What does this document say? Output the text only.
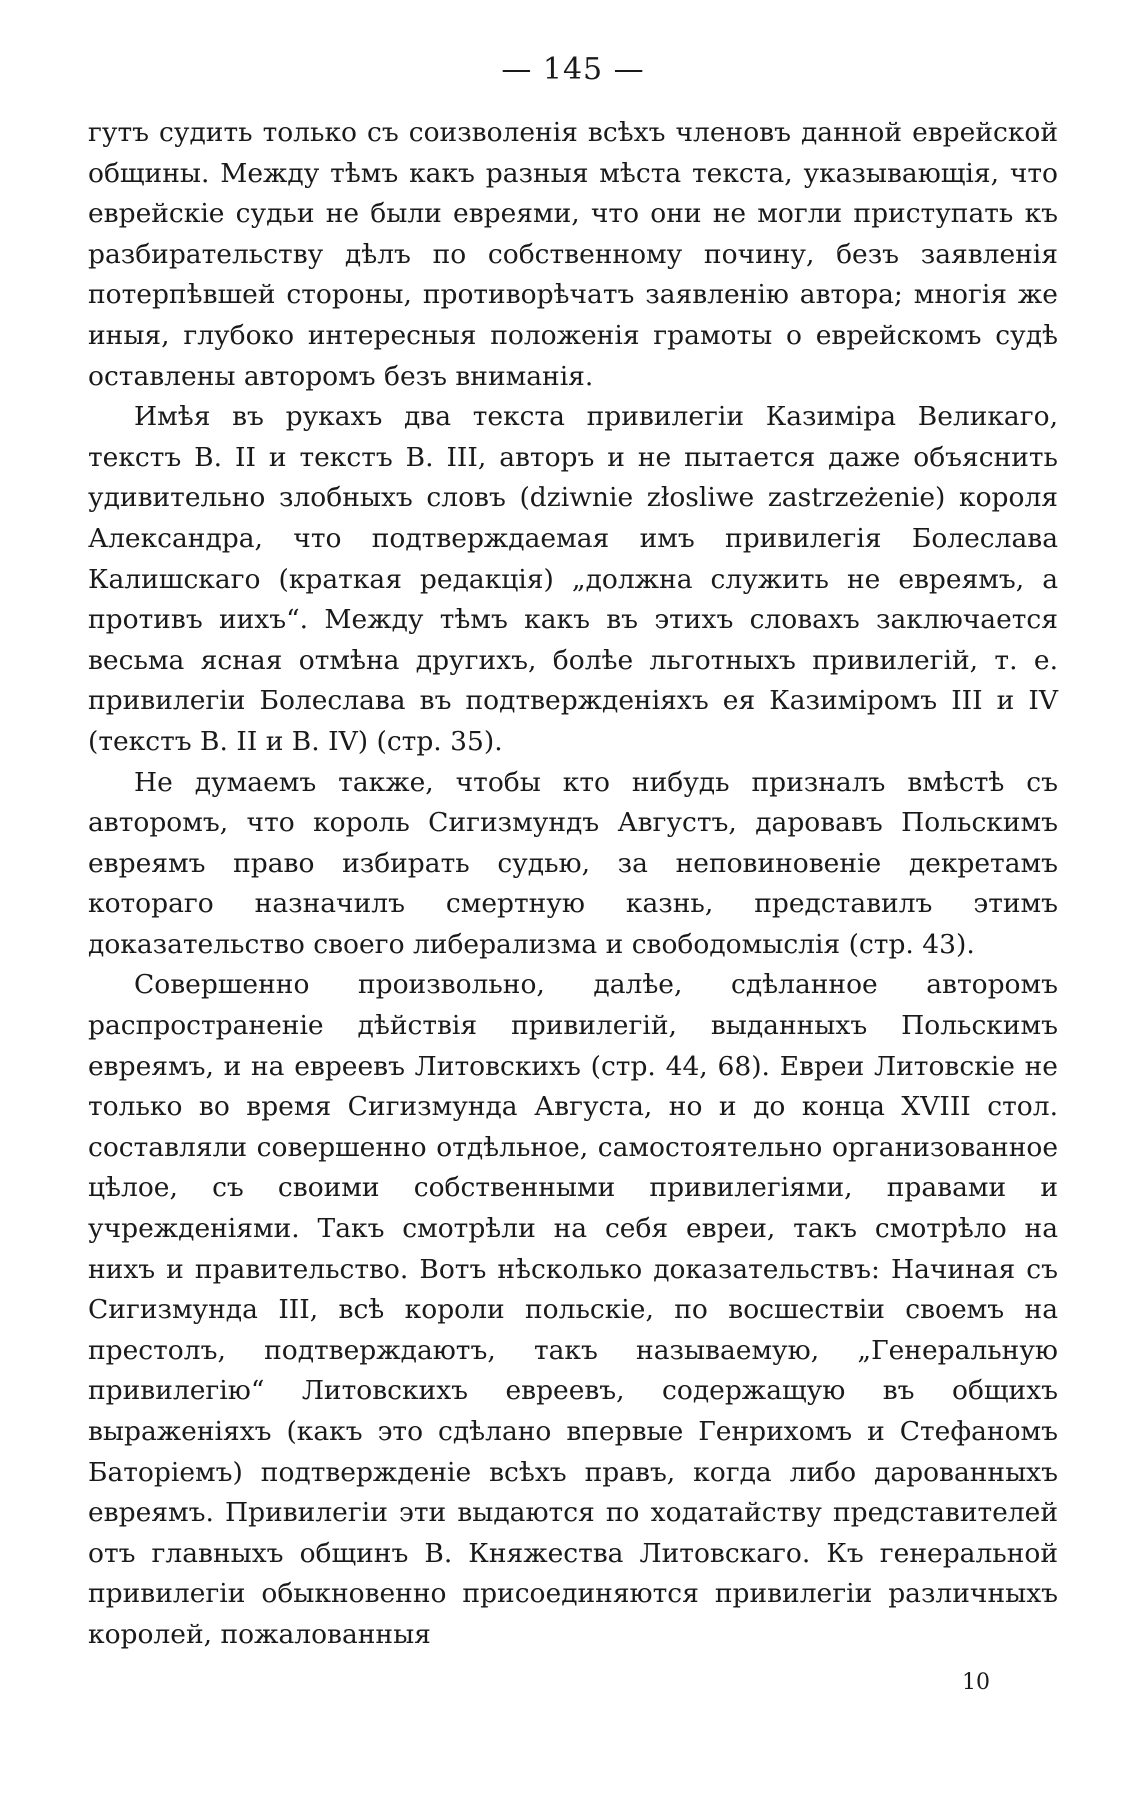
— 145 —

гутъ судить только съ соизволенія всѣхъ членовъ данной еврейской общины. Между тѣмъ какъ разныя мѣста текста, указывающія, что еврейскіе судьи не были евреями, что они не могли приступать къ разбирательству дѣлъ по собственному почину, безъ заявленія потерпѣвшей стороны, противорѣчатъ заявленію автора; многія же иныя, глубоко интересныя положенія грамоты о еврейскомъ судѣ оставлены авторомъ безъ вниманія.

Имѣя въ рукахъ два текста привилегіи Казиміра Великаго, текстъ В. II и текстъ В. III, авторъ и не пытается даже объяснить удивительно злобныхъ словъ (dziwnie złosliwe zastrzeżenie) короля Александра, что подтверждаемая имъ привилегія Болеслава Калишскаго (краткая редакція) „должна служить не евреямъ, а противъ иихъ“. Между тѣмъ какъ въ этихъ словахъ заключается весьма ясная отмѣна другихъ, болѣе льготныхъ привилегій, т. е. привилегіи Болеслава въ подтвержденіяхъ ея Казиміромъ III и IV (текстъ В. II и В. IV) (стр. 35).

Не думаемъ также, чтобы кто нибудь призналъ вмѣстѣ съ авторомъ, что король Сигизмундъ Августъ, даровавъ Польскимъ евреямъ право избирать судью, за неповиновеніе декретамъ котораго назначилъ смертную казнь, представилъ этимъ доказательство своего либерализма и свободомыслія (стр. 43).

Совершенно произвольно, далѣе, сдѣланное авторомъ распространеніе дѣйствія привилегій, выданныхъ Польскимъ евреямъ, и на евреевъ Литовскихъ (стр. 44, 68). Евреи Литовскіе не только во время Сигизмунда Августа, но и до конца XVIII стол. составляли совершенно отдѣльное, самостоятельно организованное цѣлое, съ своими собственными привилегіями, правами и учрежденіями. Такъ смотрѣли на себя евреи, такъ смотрѣло на нихъ и правительство. Вотъ нѣсколько доказательствъ: Начиная съ Сигизмунда III, всѣ короли польскіе, по восшествіи своемъ на престолъ, подтверждаютъ, такъ называемую, „Генеральную привилегію“ Литовскихъ евреевъ, содержащую въ общихъ выраженіяхъ (какъ это сдѣлано впервые Генрихомъ и Стефаномъ Баторіемъ) подтвержденіе всѣхъ правъ, когда либо дарованныхъ евреямъ. Привилегіи эти выдаются по ходатайству представителей отъ главныхъ общинъ В. Княжества Литовскаго. Къ генеральной привилегіи обыкновенно присоединяются привилегіи различныхъ королей, пожалованныя

10
